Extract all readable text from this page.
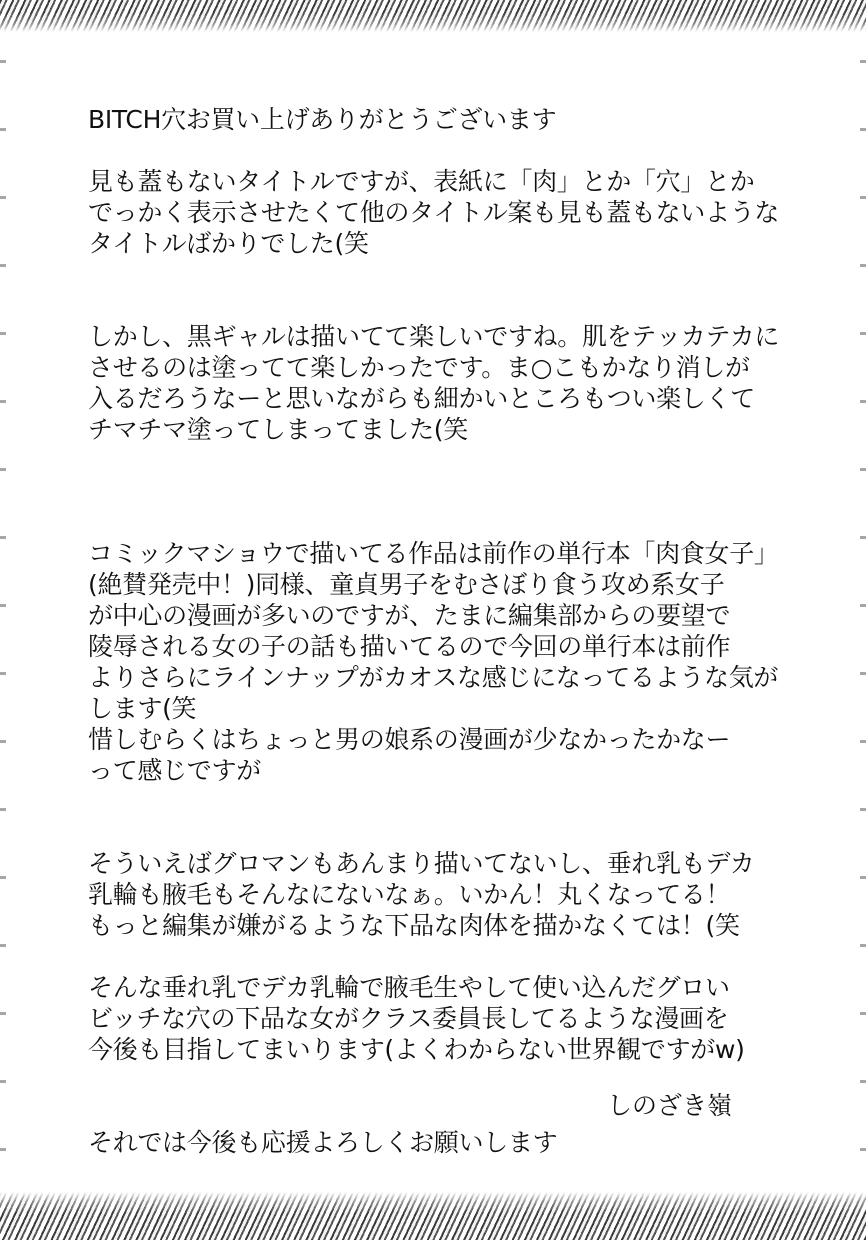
BITCH穴お買い上げありがとうございます
見も蓋もないタイトルですが、表紙に「肉」とか「穴」とか
でっかく表示させたくて他のタイトル案も見も蓋もないような
タイトルばかりでした(笑
しかし、黒ギャルは描いてて楽しいですね。肌をテッカテカに
させるのは塗ってて楽しかったです。ま○こもかなり消しが
入るだろうなーと思いながらも細かいところもつい楽しくて
チマチマ塗ってしまってました(笑
コミックマショウで描いてる作品は前作の単行本「肉食女子」
(絶賛発売中！)同様、童貞男子をむさぼり食う攻め系女子
が中心の漫画が多いのですが、たまに編集部からの要望で
陵辱される女の子の話も描いてるので今回の単行本は前作
よりさらにラインナップがカオスな感じになってるような気が
します(笑
惜しむらくはちょっと男の娘系の漫画が少なかったかなー
って感じですが
そういえばグロマンもあんまり描いてないし、垂れ乳もデカ
乳輪も腋毛もそんなにないなぁ。いかん！丸くなってる！
もっと編集が嫌がるような下品な肉体を描かなくては！(笑
そんな垂れ乳でデカ乳輪で腋毛生やして使い込んだグロい
ビッチな穴の下品な女がクラス委員長してるような漫画を
今後も目指してまいります(よくわからない世界観ですがw)
それでは今後も応援よろしくお願いします
しのざき嶺
